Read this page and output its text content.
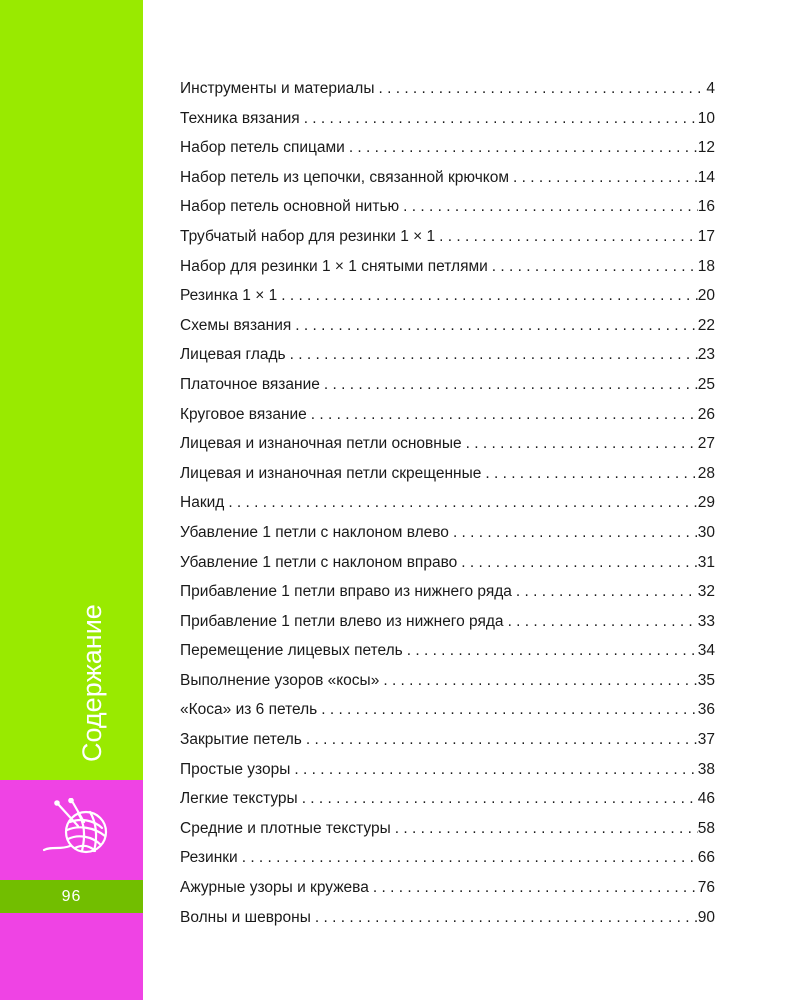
96
Содержание
Инструменты и материалы . . .	4
Техника вязания . . .	10
Набор петель спицами . . .	12
Набор петель из цепочки, связанной крючком . . .	14
Набор петель основной нитью . . .	16
Трубчатый набор для резинки 1 × 1 . . .	17
Набор для резинки 1 × 1 снятыми петлями . . .	18
Резинка 1 × 1 . . .	20
Схемы вязания . . .	22
Лицевая гладь . . .	23
Платочное вязание . . .	25
Круговое вязание . . .	26
Лицевая и изнаночная петли основные . . .	27
Лицевая и изнаночная петли скрещенные . . .	28
Накид . . .	29
Убавление 1 петли с наклоном влево . . .	30
Убавление 1 петли с наклоном вправо . . .	31
Прибавление 1 петли вправо из нижнего ряда . . .	32
Прибавление 1 петли влево из нижнего ряда . . .	33
Перемещение лицевых петель . . .	34
Выполнение узоров «косы» . . .	35
«Коса» из 6 петель . . .	36
Закрытие петель . . .	37
Простые узоры . . .	38
Легкие текстуры . . .	46
Средние и плотные текстуры . . .	58
Резинки . . .	66
Ажурные узоры и кружева . . .	76
Волны и шевроны . . .	90
